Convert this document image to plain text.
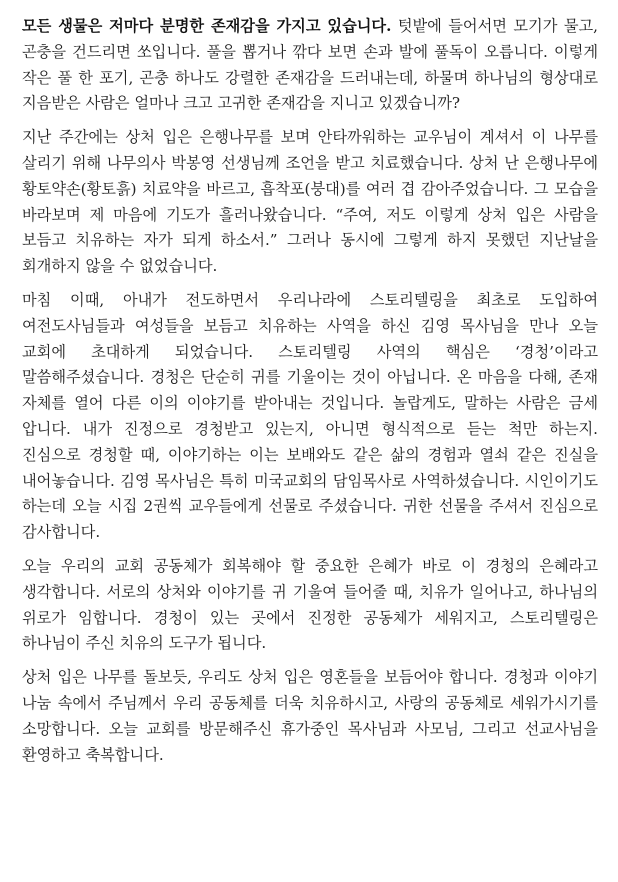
모든 생물은 저마다 분명한 존재감을 가지고 있습니다. 텃밭에 들어서면 모기가 물고, 곤충을 건드리면 쏘입니다. 풀을 뽑거나 깎다 보면 손과 발에 풀독이 오릅니다. 이렇게 작은 풀 한 포기, 곤충 하나도 강렬한 존재감을 드러내는데, 하물며 하나님의 형상대로 지음받은 사람은 얼마나 크고 고귀한 존재감을 지니고 있겠습니까?

지난 주간에는 상처 입은 은행나무를 보며 안타까워하는 교우님이 계셔서 이 나무를 살리기 위해 나무의사 박봉영 선생님께 조언을 받고 치료했습니다. 상처 난 은행나무에 황토약손(황토흙) 치료약을 바르고, 흡착포(붕대)를 여러 겹 감아주었습니다. 그 모습을 바라보며 제 마음에 기도가 흘러나왔습니다. “주여, 저도 이렇게 상처 입은 사람을 보듬고 치유하는 자가 되게 하소서.” 그러나 동시에 그렇게 하지 못했던 지난날을 회개하지 않을 수 없었습니다.

마침 이때, 아내가 전도하면서 우리나라에 스토리텔링을 최초로 도입하여 여전도사님들과 여성들을 보듬고 치유하는 사역을 하신 김영 목사님을 만나 오늘 교회에 초대하게 되었습니다. 스토리텔링 사역의 핵심은 ‘경청’이라고 말씀해주셨습니다. 경청은 단순히 귀를 기울이는 것이 아닙니다. 온 마음을 다해, 존재 자체를 열어 다른 이의 이야기를 받아내는 것입니다. 놀랍게도, 말하는 사람은 금세 압니다. 내가 진정으로 경청받고 있는지, 아니면 형식적으로 듣는 척만 하는지. 진심으로 경청할 때, 이야기하는 이는 보배와도 같은 삶의 경험과 열쇠 같은 진실을 내어놓습니다. 김영 목사님은 특히 미국교회의 담임목사로 사역하셨습니다. 시인이기도 하는데 오늘 시집 2권씩 교우들에게 선물로 주셨습니다. 귀한 선물을 주셔서 진심으로 감사합니다.

오늘 우리의 교회 공동체가 회복해야 할 중요한 은혜가 바로 이 경청의 은혜라고 생각합니다. 서로의 상처와 이야기를 귀 기울여 들어줄 때, 치유가 일어나고, 하나님의 위로가 임합니다. 경청이 있는 곳에서 진정한 공동체가 세워지고, 스토리텔링은 하나님이 주신 치유의 도구가 됩니다.

상처 입은 나무를 돌보듯, 우리도 상처 입은 영혼들을 보듬어야 합니다. 경청과 이야기 나눔 속에서 주님께서 우리 공동체를 더욱 치유하시고, 사랑의 공동체로 세워가시기를 소망합니다. 오늘 교회를 방문해주신 휴가중인 목사님과 사모님, 그리고 선교사님을 환영하고 축복합니다.
